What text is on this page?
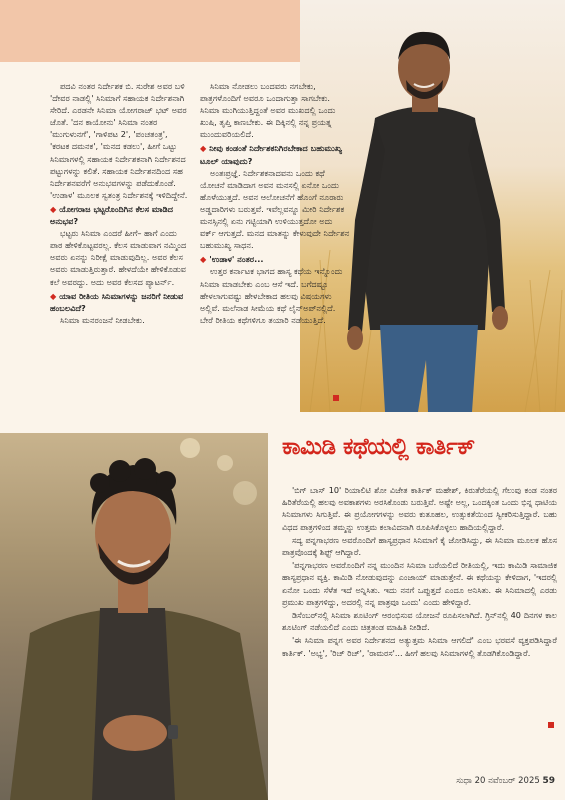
ಪದವಿ ನಂತರ ನಿರ್ದೇಶಕ ಬಿ. ಸುರೇಶ ಅವರ ಬಳಿ 'ದೇವರ ನಾಡಲ್ಲಿ' ಸಿನಿಮಾಗೆ ಸಹಾಯಕ ನಿರ್ದೇಶನಾಗಿ ಸೇರಿದೆ. ಎರಡನೇ ಸಿನಿಮಾ ಯೋಗರಾಜ್ ಭಟ್ ಅವರ ಜೊತೆ. 'ದನ ಕಾಯೋನು' ಸಿನಿಮಾ ನಂತರ 'ಮುಗುಳುನಗೆ', 'ಗಾಳಿಪಟ 2', 'ಪಂಚತಂತ್ರ', 'ಕರಟಕ ದಮನಕ', 'ಮನದ ಕಡಲು', ಹೀಗೆ ಒಟ್ಟು ಸಿನಿಮಾಗಳಲ್ಲಿ ಸಹಾಯಕ ನಿರ್ದೇಶಕನಾಗಿ ನಿರ್ದೇಶನದ ಪಟ್ಟುಗಳನ್ನು ಕಲಿತೆ. ಸಹಾಯಕ ನಿರ್ದೇಶನದಿಂದ ಸಹ ನಿರ್ದೇಶನವರೆಗೆ ಅನುಭವಗಳನ್ನು ಪಡೆದುಕೊಂಡೆ. 'ಉಡಾಳ' ಮೂಲಕ ಸ್ವತಂತ್ರ ನಿರ್ದೇಶನಕ್ಕೆ ಇಳಿದಿದ್ದೇನೆ.

◆ ಯೋಗರಾಜ ಭಟ್ಟರೊಂದಿಗಿನ ಕೆಲಸ ಮಾಡಿದ ಅನುಭವ?

ಭಟ್ಟರು ಸಿನಿಮಾ ಎಂದರೆ ಹೀಗೆ– ಹಾಗೆ ಎಂದು ಪಾಠ ಹೇಳಿಕೊಟ್ಟವರಲ್ಲ. ಕೆಲಸ ಮಾಡುವಾಗ ನಮ್ಮಿಂದ ಅವರು ಏನನ್ನು ನಿರೀಕ್ಷೆ ಮಾಡುವುದಿಲ್ಲ. ಅವರ ಕೆಲಸ ಅವರು ಮಾಡುತ್ತಿರುತ್ತಾರೆ. ಹೇಳದೆಯೇ ಹೇಳಿಕೊಡುವ ಕಲೆ ಅವರದ್ದು. ಅದು ಅವರ ಕೆಲಸದ ಪ್ಯಾಟರ್ನ್.

◆ ಯಾವ ರೀತಿಯ ಸಿನಿಮಾಗಳನ್ನು ಜನರಿಗೆ ನೀಡುವ ಹಂಬಲವಿದೆ?

ಸಿನಿಮಾ ಮನರಂಜನೆ ನೀಡಬೇಕು.

ಸಿನಿಮಾ ನೋಡಲು ಬಂದವರು ನಗಬೇಕು, ಪಾತ್ರಗಳೊಂದಿಗೆ ಅವರೂ ಒಂದಾಗುತ್ತಾ ಸಾಗಬೇಕು. ಸಿನಿಮಾ ಮುಗಿಯುತ್ತಿದ್ದಂತೆ ಅವರ ಮುಖದಲ್ಲಿ ಒಂದು ಖುಷಿ, ತೃಪ್ತಿ ಕಾಣಬೇಕು. ಈ ದಿಕ್ಕಿನಲ್ಲಿ ನನ್ನ ಪ್ರಯತ್ನ ಮುಂದುವರಿಯಲಿದೆ.

◆ ನೀವು ಕಂಡಂತೆ ನಿರ್ದೇಶಕನಿಗಿರಬೇಕಾದ ಬಹುಮುಖ್ಯ ಟೂಲ್ ಯಾವುದು?

ಅಂತಃಪ್ರಜ್ಞೆ. ನಿರ್ದೇಶಕನಾದವನು ಒಂದು ಕಥೆ ಯೋಚನೆ ಮಾಡಿದಾಗ ಅವನ ಮನಸಲ್ಲಿ ಏನೋ ಒಂದು ಹೊಳೆಯುತ್ತದೆ. ಅವನ ಆಲೋಚನೆಗೆ ಹೊಂಗೆ ನೂರಾರು ಅಡ್ಡದಾರಿಗಳು ಬರುತ್ತವೆ. ಇವೆಲ್ಲವನ್ನೂ ಮೀರಿ ನಿರ್ದೇಶಕ ಮನಸ್ಸಿನಲ್ಲಿ ಏನು ಗಟ್ಟಿಯಾಗಿ ಉಳಿಯುತ್ತದೋ ಅದು ವರ್ಕ್ ಆಗುತ್ತದೆ. ಮನದ ಮಾತನ್ನು ಕೇಳುವುದೇ ನಿರ್ದೇಶನ ಬಹುಮುಖ್ಯ ಸಾಧನ.

◆ 'ಉಡಾಳ' ನಂತರ...

ಉತ್ತರ ಕರ್ನಾಟಕ ಭಾಗದ ಹಾಸ್ಯ ಕಥೆಯ ಇನ್ನೊಂದು ಸಿನಿಮಾ ಮಾಡಬೇಕು ಎಂಬ ಆಸೆ ಇದೆ. ಬಗೆದಷ್ಟೂ ಹೇಳಲಾಗುವಷ್ಟು ಹೇಳಬೇಕಾದ ಹಲವು ವಿಷಯಗಳು ಅಲ್ಲಿವೆ. ಮಲೆನಾಡ ಸೀಮೆಯ ಕಥೆ ಲೈನ್‌ಅಪ್‌ನಲ್ಲಿದೆ. ಬೇರೆ ರೀತಿಯ ಕಥೆಗಳಿಗೂ ತಯಾರಿ ನಡೆಯುತ್ತಿದೆ.

ಕಾಮಿಡಿ ಕಥೆಯಲ್ಲಿ ಕಾರ್ತಿಕ್

'ಬಿಗ್ ಬಾಸ್ 10' ರಿಯಾಲಿಟಿ ಶೋ ವಿಜೇತ ಕಾರ್ತಿಕ್ ಮಹೇಶ್, ಕಿರುತೆರೆಯಲ್ಲಿ ಗೆಲುವು ಕಂಡ ನಂತರ ಹಿರಿತೆರೆಯಲ್ಲಿ ಹಲವು ಅವಕಾಶಗಳು ಅರಸಿಕೊಂಡು ಬರುತ್ತಿವೆ. ಅಷ್ಟೇ ಅಲ್ಲ, ಒಂದಕ್ಕಿಂತ ಒಂದು ಭಿನ್ನ ಧಾಟಿಯ ಸಿನಿಮಾಗಳು ಸಿಗುತ್ತಿವೆ. ಈ ಪ್ರಯೋಗಗಳನ್ನು ಅವರು ಕುತೂಹಲ, ಉತ್ಸುಕತೆಯಿಂದ ಸ್ವೀಕರಿಸುತ್ತಿದ್ದಾರೆ. ಬಹು ವಿಧದ ಪಾತ್ರಗಳಿಂದ ತಮ್ಮನ್ನು ಉತ್ತಮ ಕಲಾವಿದನಾಗಿ ರೂಪಿಸಿಕೊಳ್ಳಲು ಹಾದಿಯಲ್ಲಿದ್ದಾರೆ.

ಸದ್ಯ ಪನ್ನಗಾಭರಣ ಅವರೊಂದಿಗೆ ಹಾಸ್ಯಪ್ರಧಾನ ಸಿನಿಮಾಗೆ ಕೈ ಜೋಡಿಸಿದ್ದು, ಈ ಸಿನಿಮಾ ಮೂಲಕ ಹೊಸ ಪಾತ್ರವೊಂದಕ್ಕೆ ಶಿಫ್ಟ್ ಆಗಿದ್ದಾರೆ.

'ಪನ್ನಗಾಭರಣ ಅವರೊಂದಿಗೆ ನನ್ನ ಮುಂದಿನ ಸಿನಿಮಾ ಬರೆಯಲಿದೆ ರೀತಿಯಲ್ಲಿ, ಇದು ಕಾಮಿಡಿ ಸಾಮಾಜಿಕ ಹಾಸ್ಯಪ್ರಧಾನ ವ್ಯಕ್ತಿ. ಕಾಮಿಡಿ ನೋಡುವುದನ್ನು ಎಂಜಾಯ್ ಮಾಡುತ್ತೇನೆ. ಈ ಕಥೆಯನ್ನು ಕೇಳಿದಾಗ, 'ಇದರಲ್ಲಿ ಏನೋ ಒಂದು ಸೆಳೆತ ಇದೆ ಅನ್ನಿಸಿತು. ಇದು ನನಗೆ ಒಪ್ಪುತ್ತದೆ ಎಂದೂ ಅನಿಸಿತು. ಈ ಸಿನಿಮಾದಲ್ಲಿ ಎರಡು ಪ್ರಮುಖ ಪಾತ್ರಗಳಿದ್ದು, ಅದರಲ್ಲಿ ನನ್ನ ಪಾತ್ರವೂ ಒಂದು' ಎಂದು ಹೇಳಿದ್ದಾರೆ.

ಡಿಸೆಂಬರ್‌ನಲ್ಲಿ ಸಿನಿಮಾ ಶೂಟಿಂಗ್ ಆರಂಭಿಸುವ ಯೋಜನೆ ರೂಪಿಸಲಾಗಿದೆ. ಗ್ರಿನ್‌ನಲ್ಲಿ 40 ದಿನಗಳ ಕಾಲ ಶೂಟಿಂಗ್ ನಡೆಯಲಿದೆ ಎಂದು ಚಿತ್ರತಂಡ ಮಾಹಿತಿ ನೀಡಿದೆ.

'ಈ ಸಿನಿಮಾ ಪನ್ನಗ ಅವರ ನಿರ್ದೇಶನದ ಅತ್ಯುತ್ತಮ ಸಿನಿಮಾ ಆಗಲಿದೆ' ಎಂಬ ಭರವಸೆ ವ್ಯಕ್ತಪಡಿಸಿದ್ದಾರೆ ಕಾರ್ತಿಕ್. 'ಅಭ್ಯ', 'ರಿಚ್ ರಿಚ್', 'ರಾಮರಸ'... ಹೀಗೆ ಹಲವು ಸಿನಿಮಾಗಳಲ್ಲಿ ತೊಡಗಿಕೊಂಡಿದ್ದಾರೆ.

ಸುಧಾ 20 ನವೆಂಬರ್ 2025 59
